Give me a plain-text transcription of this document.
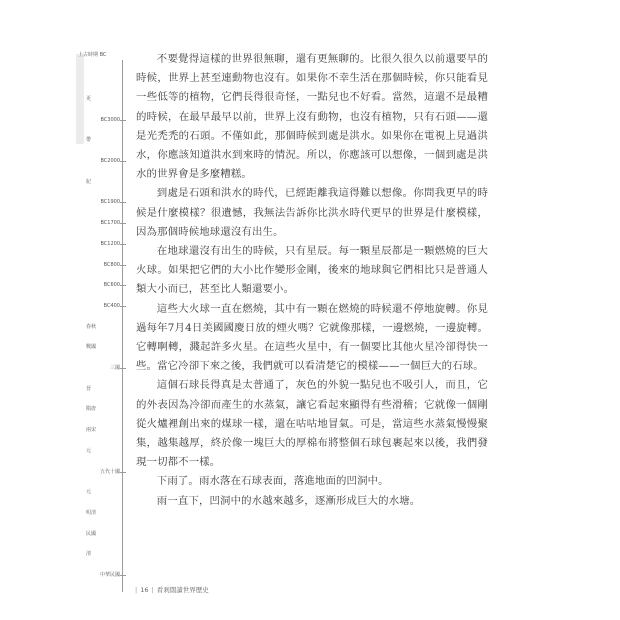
上古時期 BC
更
BC3000
帶
BC2000
紀
BC1900
BC1700
BC1200
BC800
BC600
BC400
春秋
戰國
三國
晉
隋唐
兩宋
元
五代十國
元
明清
民國
清
中華民國

不要覺得這樣的世界很無聊，還有更無聊的。比很久很久以前還要早的時候，世界上甚至連動物也沒有。如果你不幸生活在那個時候，你只能看見一些低等的植物，它們長得很奇怪，一點兒也不好看。當然，這還不是最糟的時候，在最早最早以前，世界上沒有動物，也沒有植物，只有石頭——還是光禿禿的石頭。不僅如此，那個時候到處是洪水。如果你在電視上見過洪水，你應該知道洪水到來時的情況。所以，你應該可以想像，一個到處是洪水的世界會是多麼糟糕。

到處是石頭和洪水的時代，已經距離我這得難以想像。你問我更早的時候是什麼模樣？很遺憾，我無法告訴你比洪水時代更早的世界是什麼模樣，因為那個時候地球還沒有出生。

在地球還沒有出生的時候，只有星辰。每一顆星辰都是一顆燃燒的巨大火球。如果把它們的大小比作變形金剛，後來的地球與它們相比只是普通人類大小而已，甚至比人類還要小。

這些大火球一直在燃燒，其中有一顆在燃燒的時候還不停地旋轉。你見過每年7月4日美國國慶日放的煙火嗎？它就像那樣，一邊燃燒，一邊旋轉。它轉啊轉，濺起許多火星。在這些火星中，有一個要比其他火星冷卻得快一些。當它冷卻下來之後，我們就可以看清楚它的模樣——一個巨大的石球。

這個石球長得真是太普通了，灰色的外貌一點兒也不吸引人，而且，它的外表因為冷卻而產生的水蒸氣，讓它看起來顯得有些滑稽；它就像一個剛從火爐裡創出來的煤球一樣，還在咕咕地冒氣。可是，當這些水蒸氣慢慢聚集，越集越厚，終於像一塊巨大的厚棉布將整個石球包裹起來以後，我們發現一切都不一樣。

下雨了。雨水落在石球表面，落進地面的凹洞中。

雨一直下，凹洞中的水越來越多，逐漸形成巨大的水塘。

| 16 | 看剎闊讀世界歷史
